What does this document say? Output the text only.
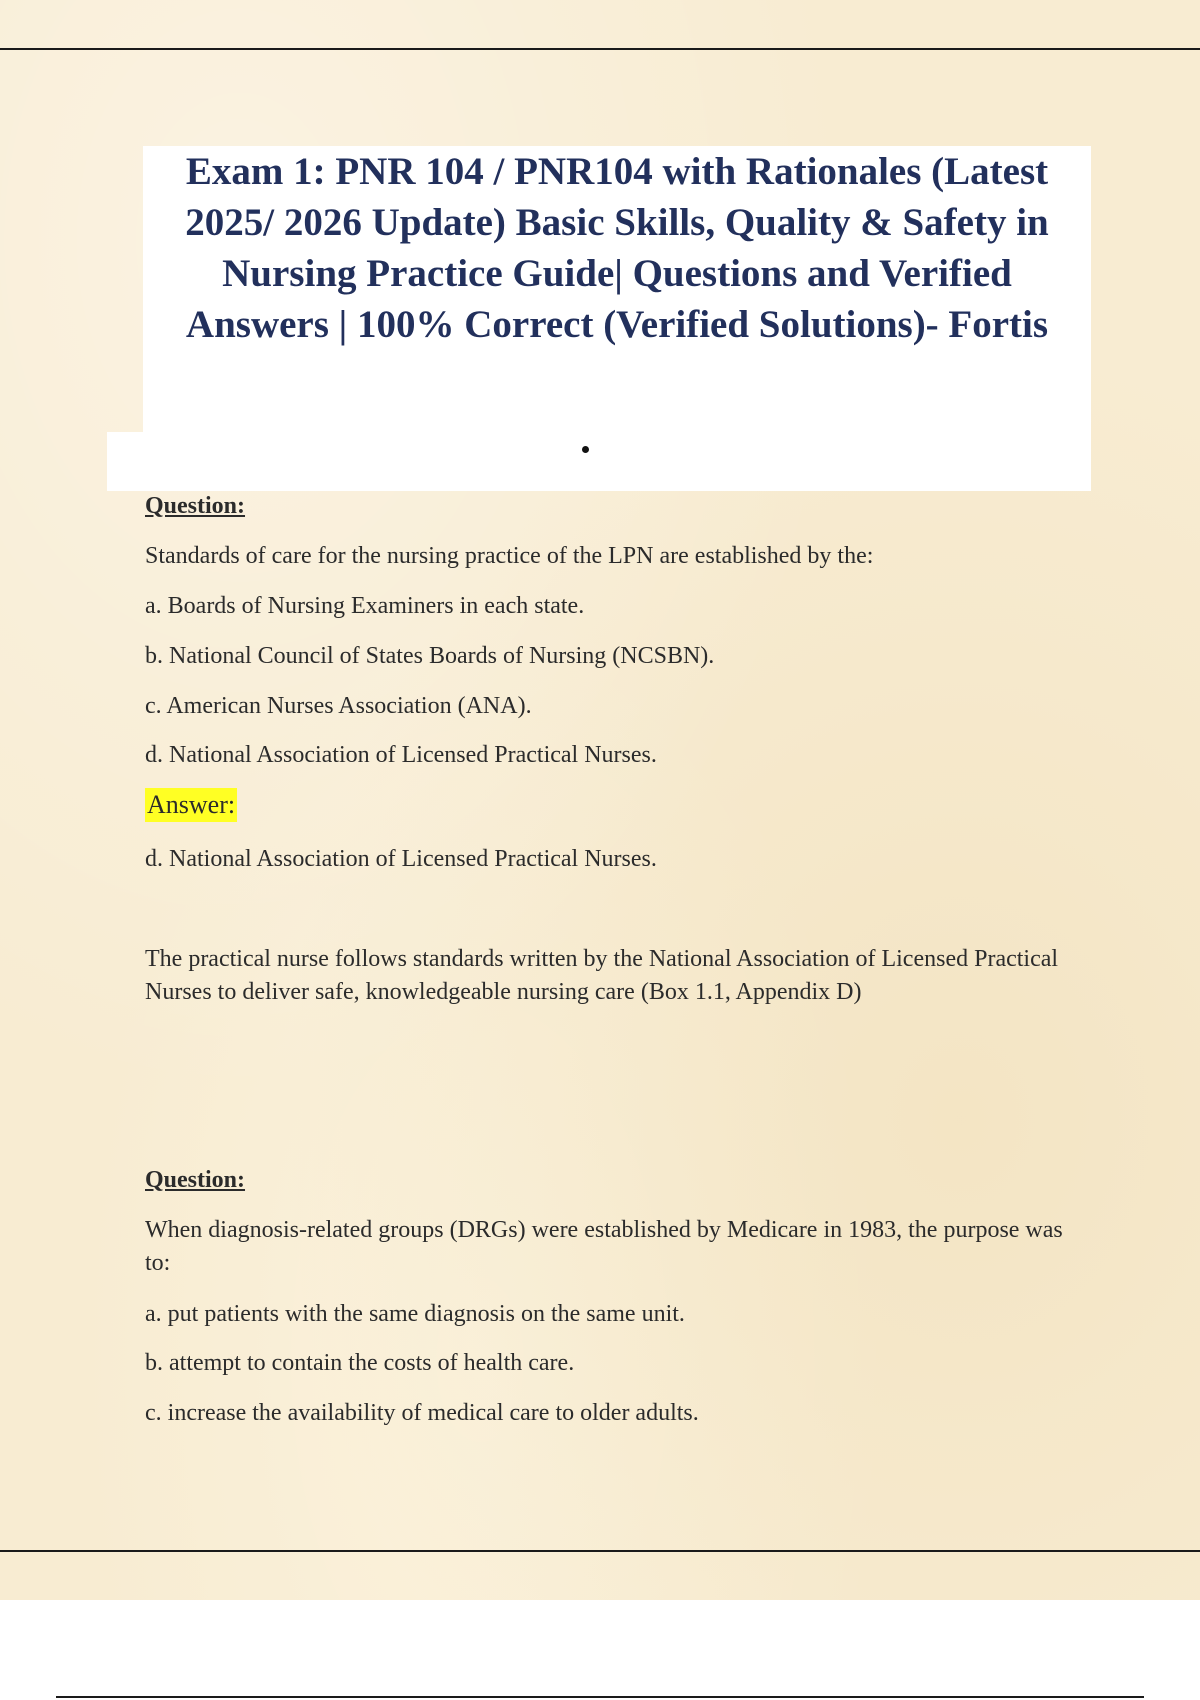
Exam 1: PNR 104 / PNR104 with Rationales (Latest 2025/ 2026 Update) Basic Skills, Quality & Safety in Nursing Practice Guide| Questions and Verified Answers | 100% Correct (Verified Solutions)- Fortis
Question:
Standards of care for the nursing practice of the LPN are established by the:
a. Boards of Nursing Examiners in each state.
b. National Council of States Boards of Nursing (NCSBN).
c. American Nurses Association (ANA).
d. National Association of Licensed Practical Nurses.
Answer:
d. National Association of Licensed Practical Nurses.
The practical nurse follows standards written by the National Association of Licensed Practical Nurses to deliver safe, knowledgeable nursing care (Box 1.1, Appendix D)
Question:
When diagnosis-related groups (DRGs) were established by Medicare in 1983, the purpose was to:
a. put patients with the same diagnosis on the same unit.
b. attempt to contain the costs of health care.
c. increase the availability of medical care to older adults.
